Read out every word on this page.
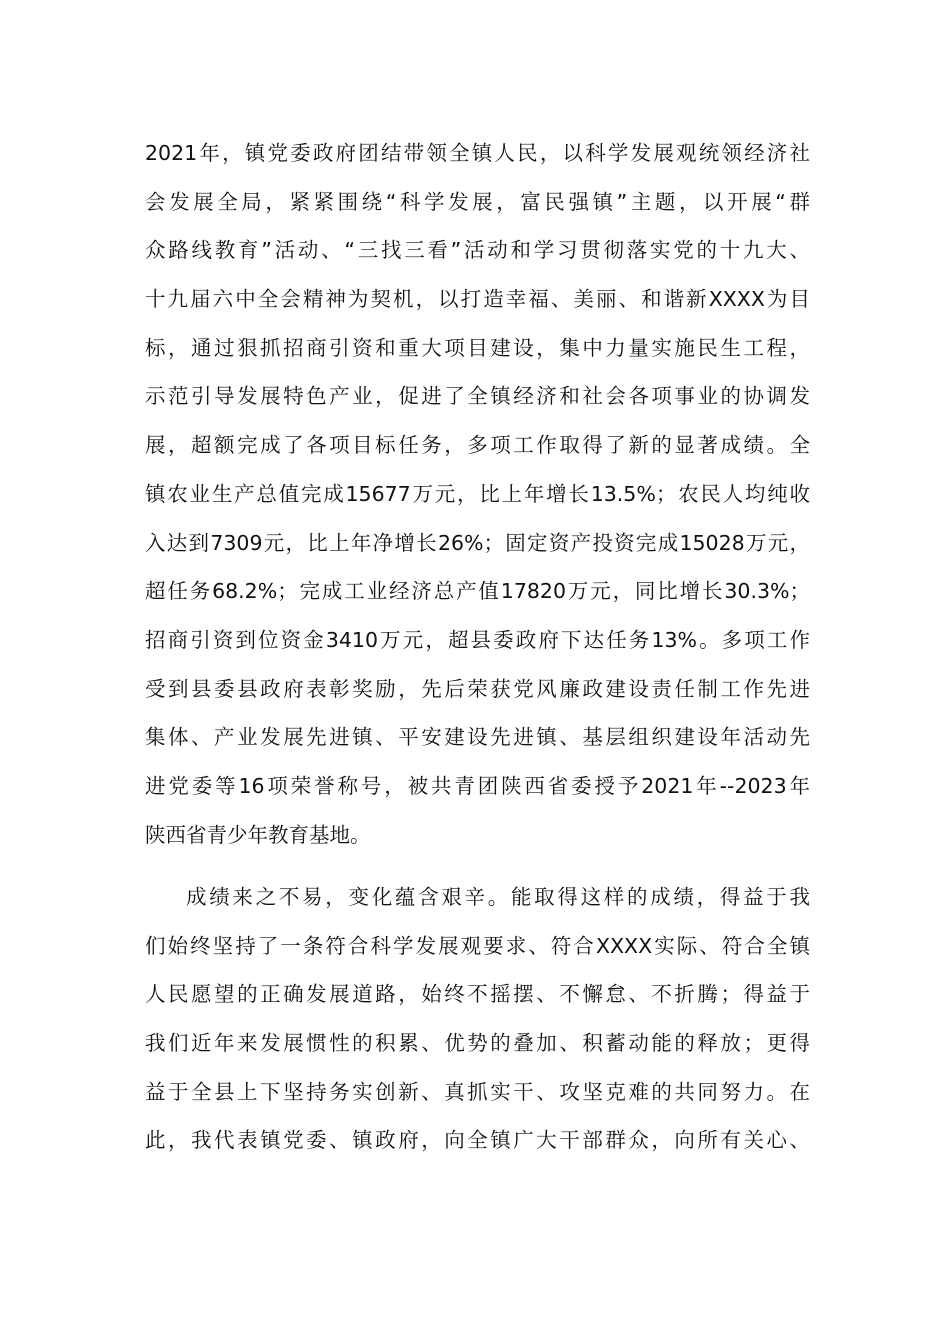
2021年，镇党委政府团结带领全镇人民，以科学发展观统领经济社
会发展全局，紧紧围绕“科学发展，富民强镇”主题，以开展“群
众路线教育”活动、“三找三看”活动和学习贯彻落实党的十九大、
十九届六中全会精神为契机，以打造幸福、美丽、和谐新XXXX为目
标，通过狠抓招商引资和重大项目建设，集中力量实施民生工程，
示范引导发展特色产业，促进了全镇经济和社会各项事业的协调发
展，超额完成了各项目标任务，多项工作取得了新的显著成绩。全
镇农业生产总值完成15677万元，比上年增长13.5%；农民人均纯收
入达到7309元，比上年净增长26%；固定资产投资完成15028万元，
超任务68.2%；完成工业经济总产值17820万元，同比增长30.3%；
招商引资到位资金3410万元，超县委政府下达任务13%。多项工作
受到县委县政府表彰奖励，先后荣获党风廉政建设责任制工作先进
集体、产业发展先进镇、平安建设先进镇、基层组织建设年活动先
进党委等16项荣誉称号，被共青团陕西省委授予2021年--2023年
陕西省青少年教育基地。
成绩来之不易，变化蕴含艰辛。能取得这样的成绩，得益于我
们始终坚持了一条符合科学发展观要求、符合XXXX实际、符合全镇
人民愿望的正确发展道路，始终不摇摆、不懈怠、不折腾；得益于
我们近年来发展惯性的积累、优势的叠加、积蓄动能的释放；更得
益于全县上下坚持务实创新、真抓实干、攻坚克难的共同努力。在
此，我代表镇党委、镇政府，向全镇广大干部群众，向所有关心、
